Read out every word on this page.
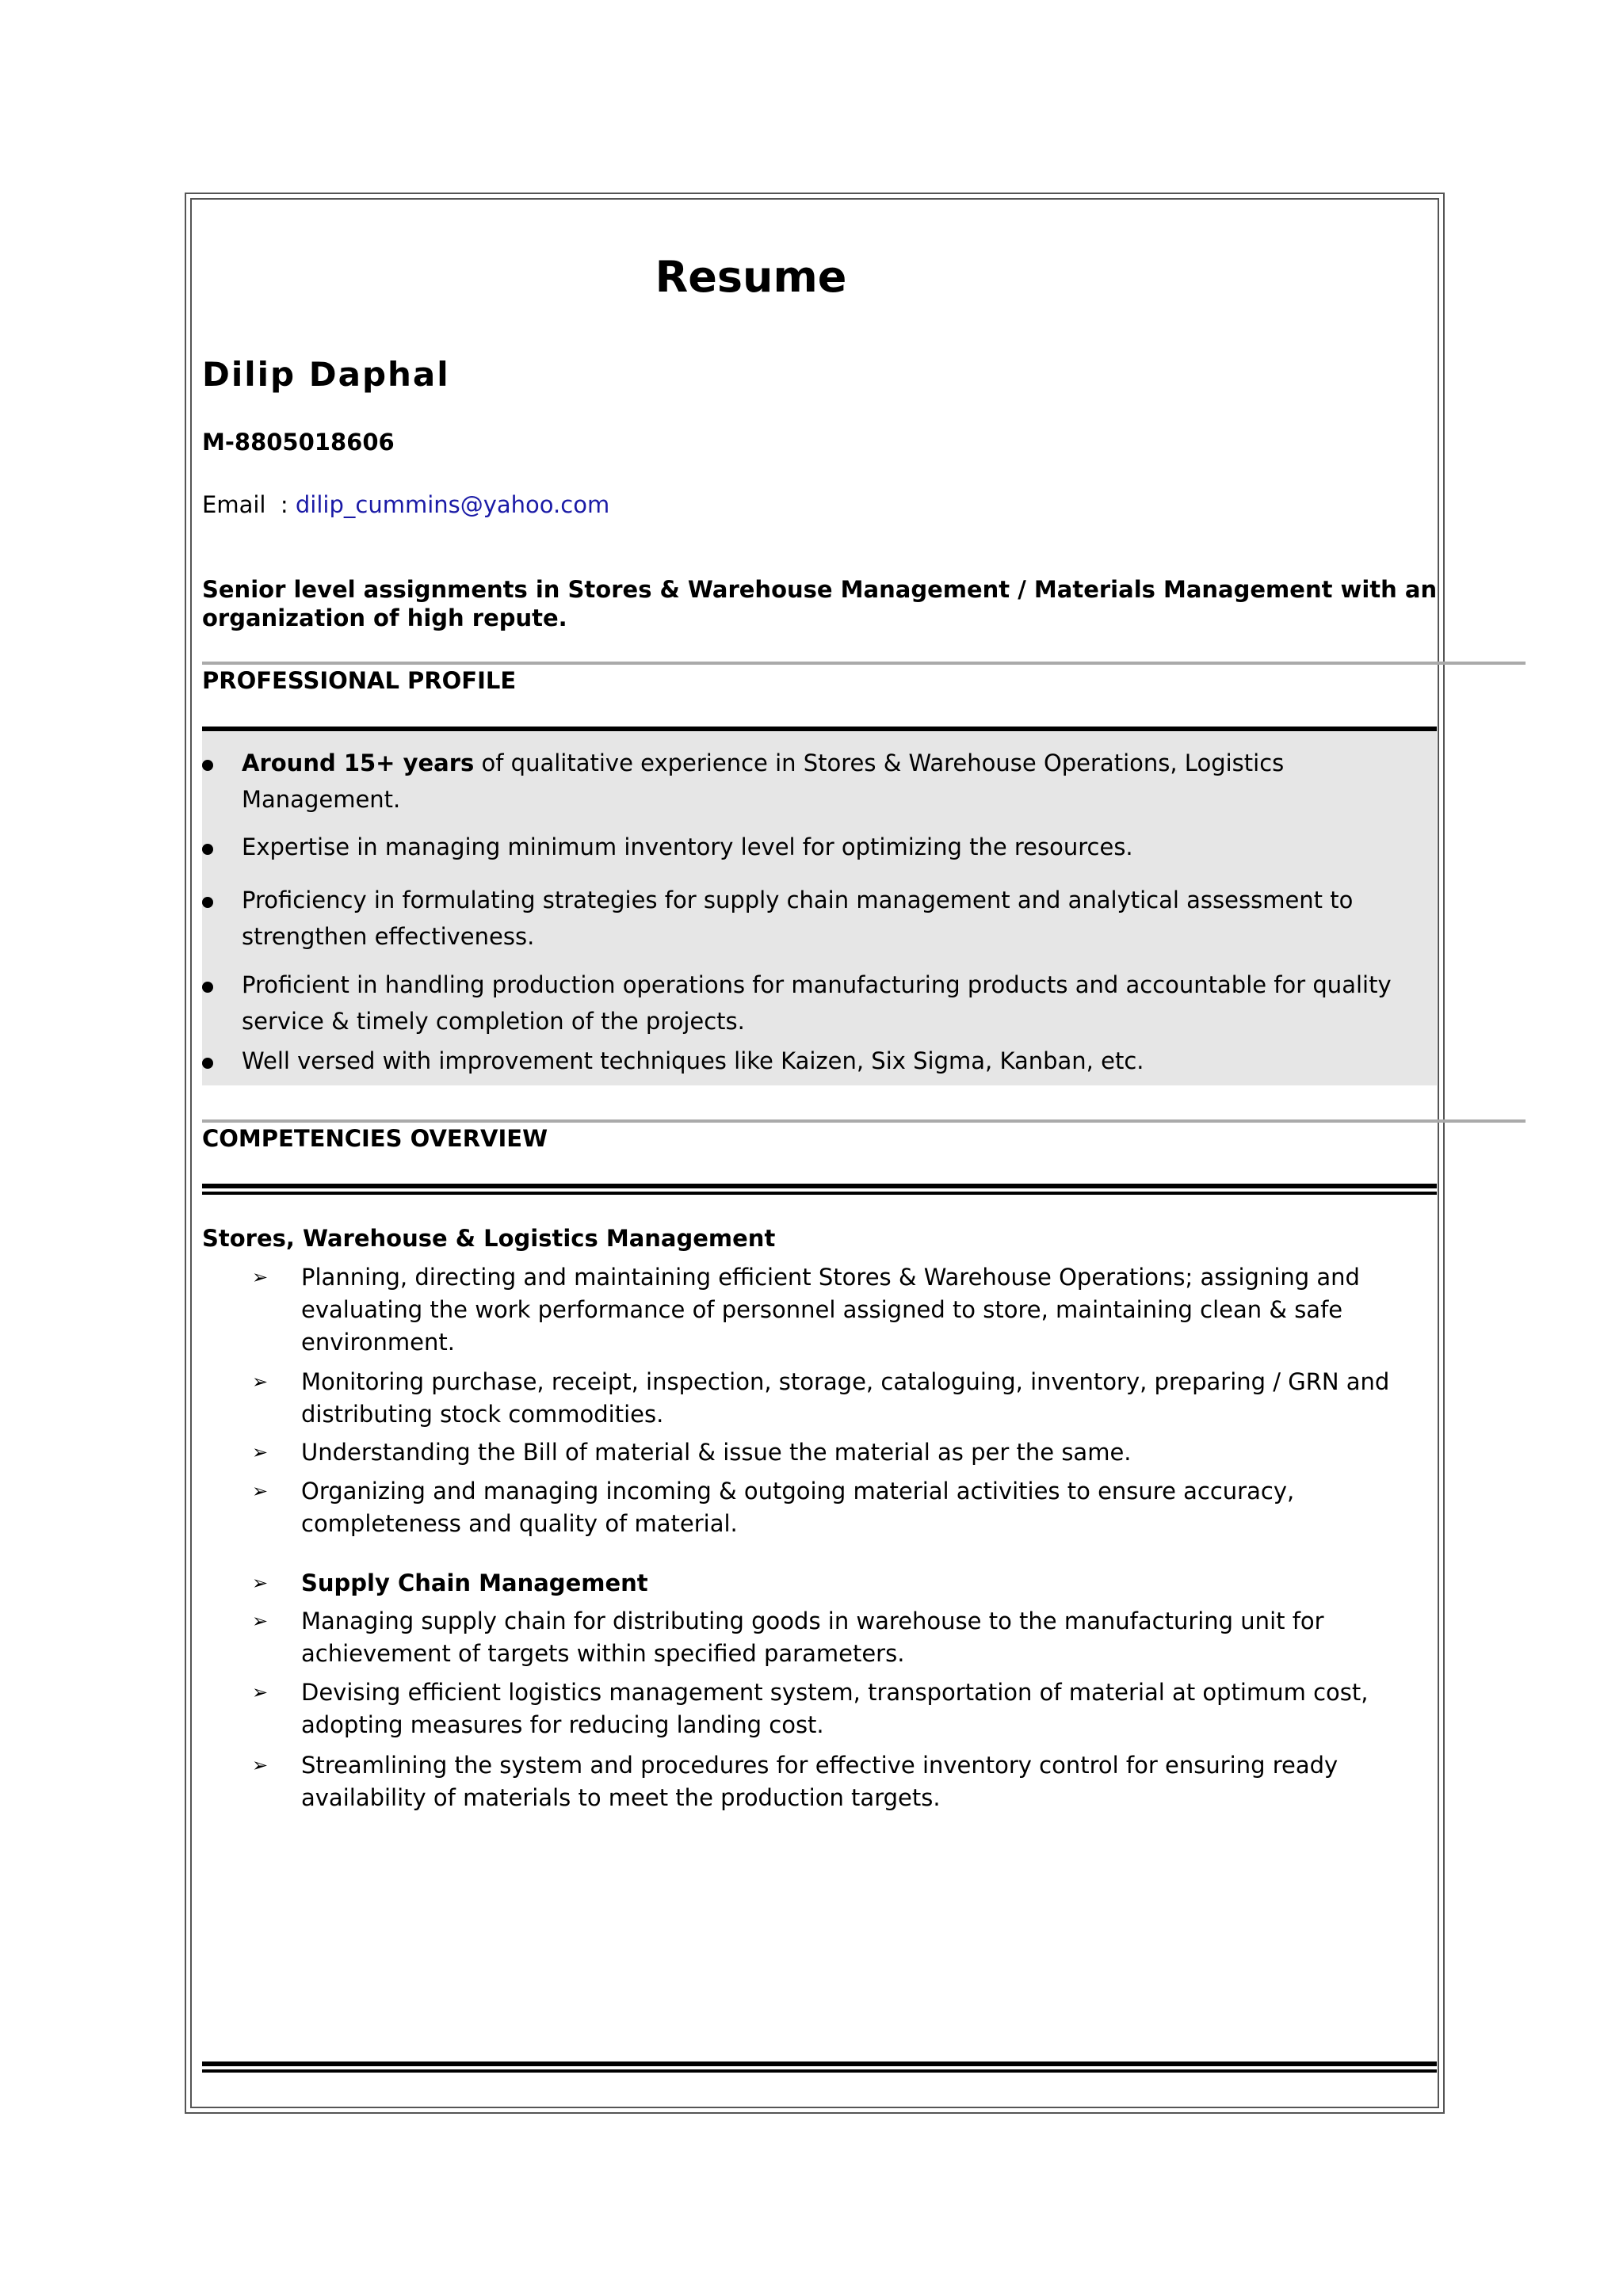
Resume
Dilip Daphal
M-8805018606
Email  : dilip_cummins@yahoo.com
Senior level assignments in Stores & Warehouse Management / Materials Management with an organization of high repute.
PROFESSIONAL PROFILE
Around 15+ years of qualitative experience in Stores & Warehouse Operations, Logistics Management.
Expertise in managing minimum inventory level for optimizing the resources.
Proficiency in formulating strategies for supply chain management and analytical assessment to strengthen effectiveness.
Proficient in handling production operations for manufacturing products and accountable for quality service & timely completion of the projects.
Well versed with improvement techniques like Kaizen, Six Sigma, Kanban, etc.
COMPETENCIES OVERVIEW
Stores, Warehouse & Logistics Management
➢	Planning, directing and maintaining efficient Stores & Warehouse Operations; assigning and evaluating the work performance of personnel assigned to store, maintaining clean & safe environment.
➢	Monitoring purchase, receipt, inspection, storage, cataloguing, inventory, preparing / GRN and distributing stock commodities.
➢	Understanding the Bill of material & issue the material as per the same.
➢	Organizing and managing incoming & outgoing material activities to ensure accuracy, completeness and quality of material.
➢	Supply Chain Management
➢	Managing supply chain for distributing goods in warehouse to the manufacturing unit for achievement of targets within specified parameters.
➢	Devising efficient logistics management system, transportation of material at optimum cost, adopting measures for reducing landing cost.
➢	Streamlining the system and procedures for effective inventory control for ensuring ready availability of materials to meet the production targets.
